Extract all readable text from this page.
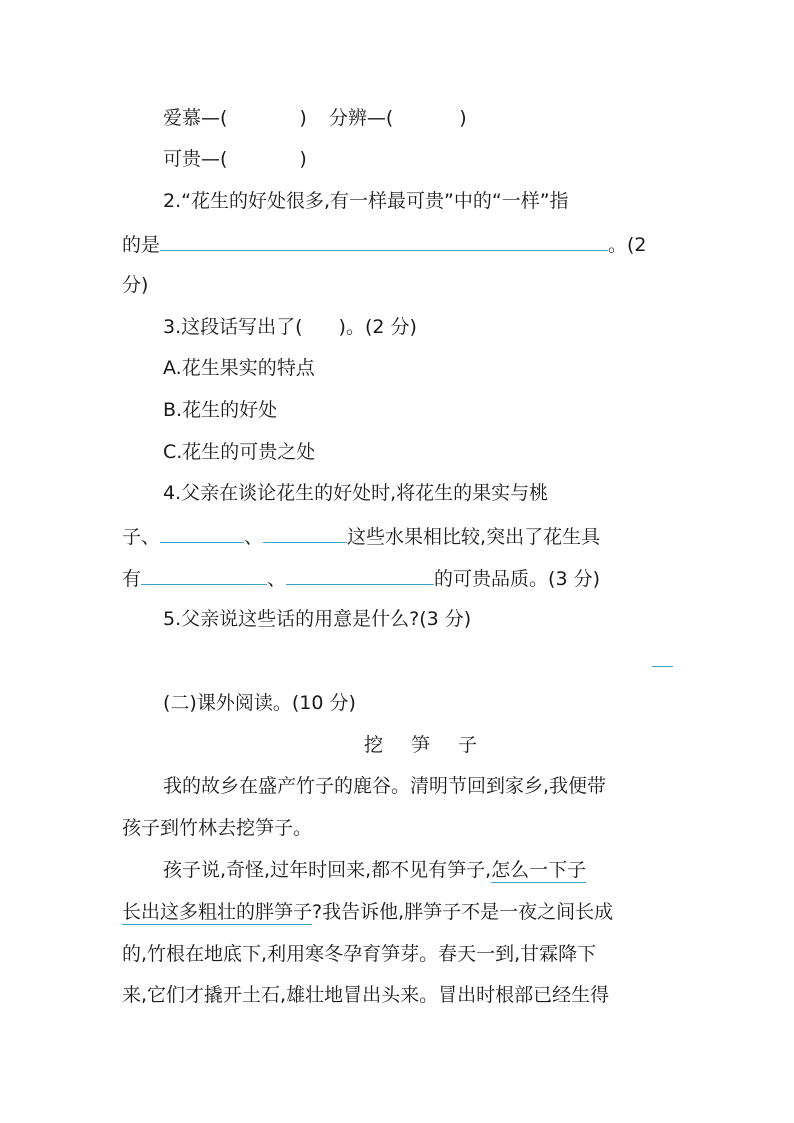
爱慕—(	) 分辨—(	)
可贵—(	)
2.“花生的好处很多,有一样最可贵”中的“一样”指
的是	。(2
分)
3.这段话写出了( )。(2 分)
A.花生果实的特点
B.花生的好处
C.花生的可贵之处
4.父亲在谈论花生的好处时,将花生的果实与桃
子、	、	这些水果相比较,突出了花生具
有	、	的可贵品质。(3 分)
5.父亲说这些话的用意是什么?(3 分)
(二)课外阅读。(10 分)
挖 笋 子
我的故乡在盛产竹子的鹿谷。清明节回到家乡,我便带
孩子到竹林去挖笋子。
孩子说,奇怪,过年时回来,都不见有笋子,怎么一下子
长出这多粗壮的胖笋子?我告诉他,胖笋子不是一夜之间长成
的,竹根在地底下,利用寒冬孕育笋芽。春天一到,甘霖降下
来,它们才撬开土石,雄壮地冒出头来。冒出时根部已经生得
